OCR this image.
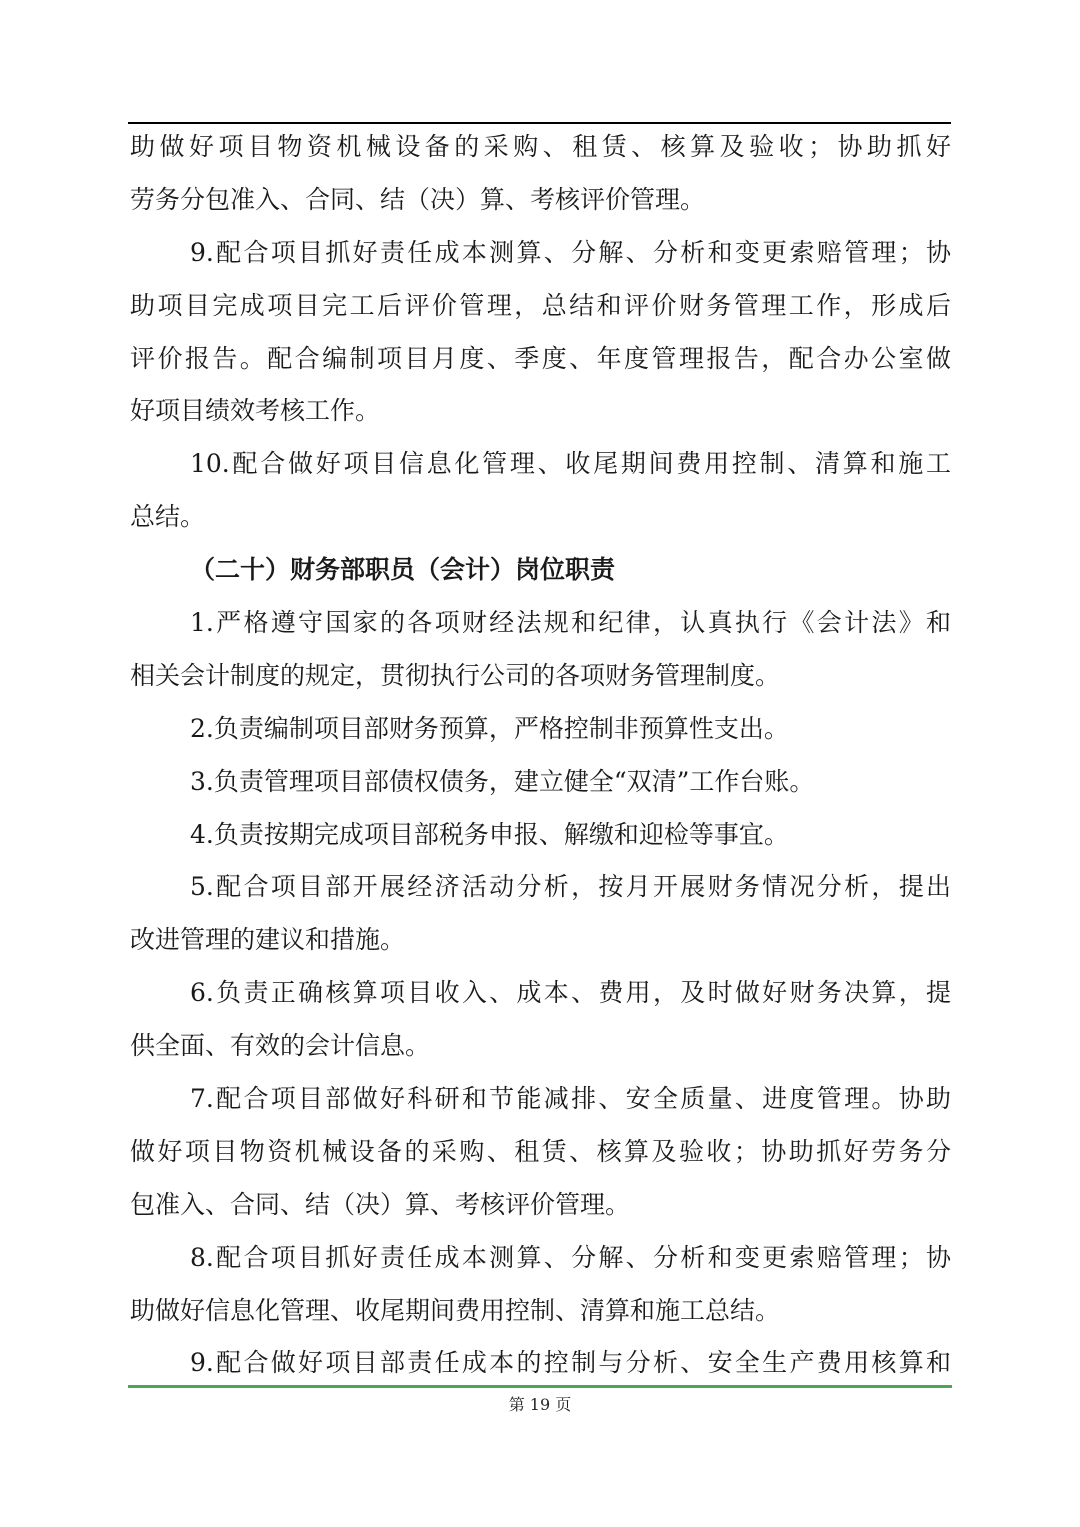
助做好项目物资机械设备的采购、租赁、核算及验收；协助抓好
劳务分包准入、合同、结（决）算、考核评价管理。
9.配合项目抓好责任成本测算、分解、分析和变更索赔管理；协
助项目完成项目完工后评价管理，总结和评价财务管理工作，形成后
评价报告。配合编制项目月度、季度、年度管理报告，配合办公室做
好项目绩效考核工作。
10.配合做好项目信息化管理、收尾期间费用控制、清算和施工
总结。
（二十）财务部职员（会计）岗位职责
1.严格遵守国家的各项财经法规和纪律，认真执行《会计法》和
相关会计制度的规定，贯彻执行公司的各项财务管理制度。
2.负责编制项目部财务预算，严格控制非预算性支出。
3.负责管理项目部债权债务，建立健全“双清”工作台账。
4.负责按期完成项目部税务申报、解缴和迎检等事宜。
5.配合项目部开展经济活动分析，按月开展财务情况分析，提出
改进管理的建议和措施。
6.负责正确核算项目收入、成本、费用，及时做好财务决算，提
供全面、有效的会计信息。
7.配合项目部做好科研和节能减排、安全质量、进度管理。协助
做好项目物资机械设备的采购、租赁、核算及验收；协助抓好劳务分
包准入、合同、结（决）算、考核评价管理。
8.配合项目抓好责任成本测算、分解、分析和变更索赔管理；协
助做好信息化管理、收尾期间费用控制、清算和施工总结。
9.配合做好项目部责任成本的控制与分析、安全生产费用核算和
第 19 页
